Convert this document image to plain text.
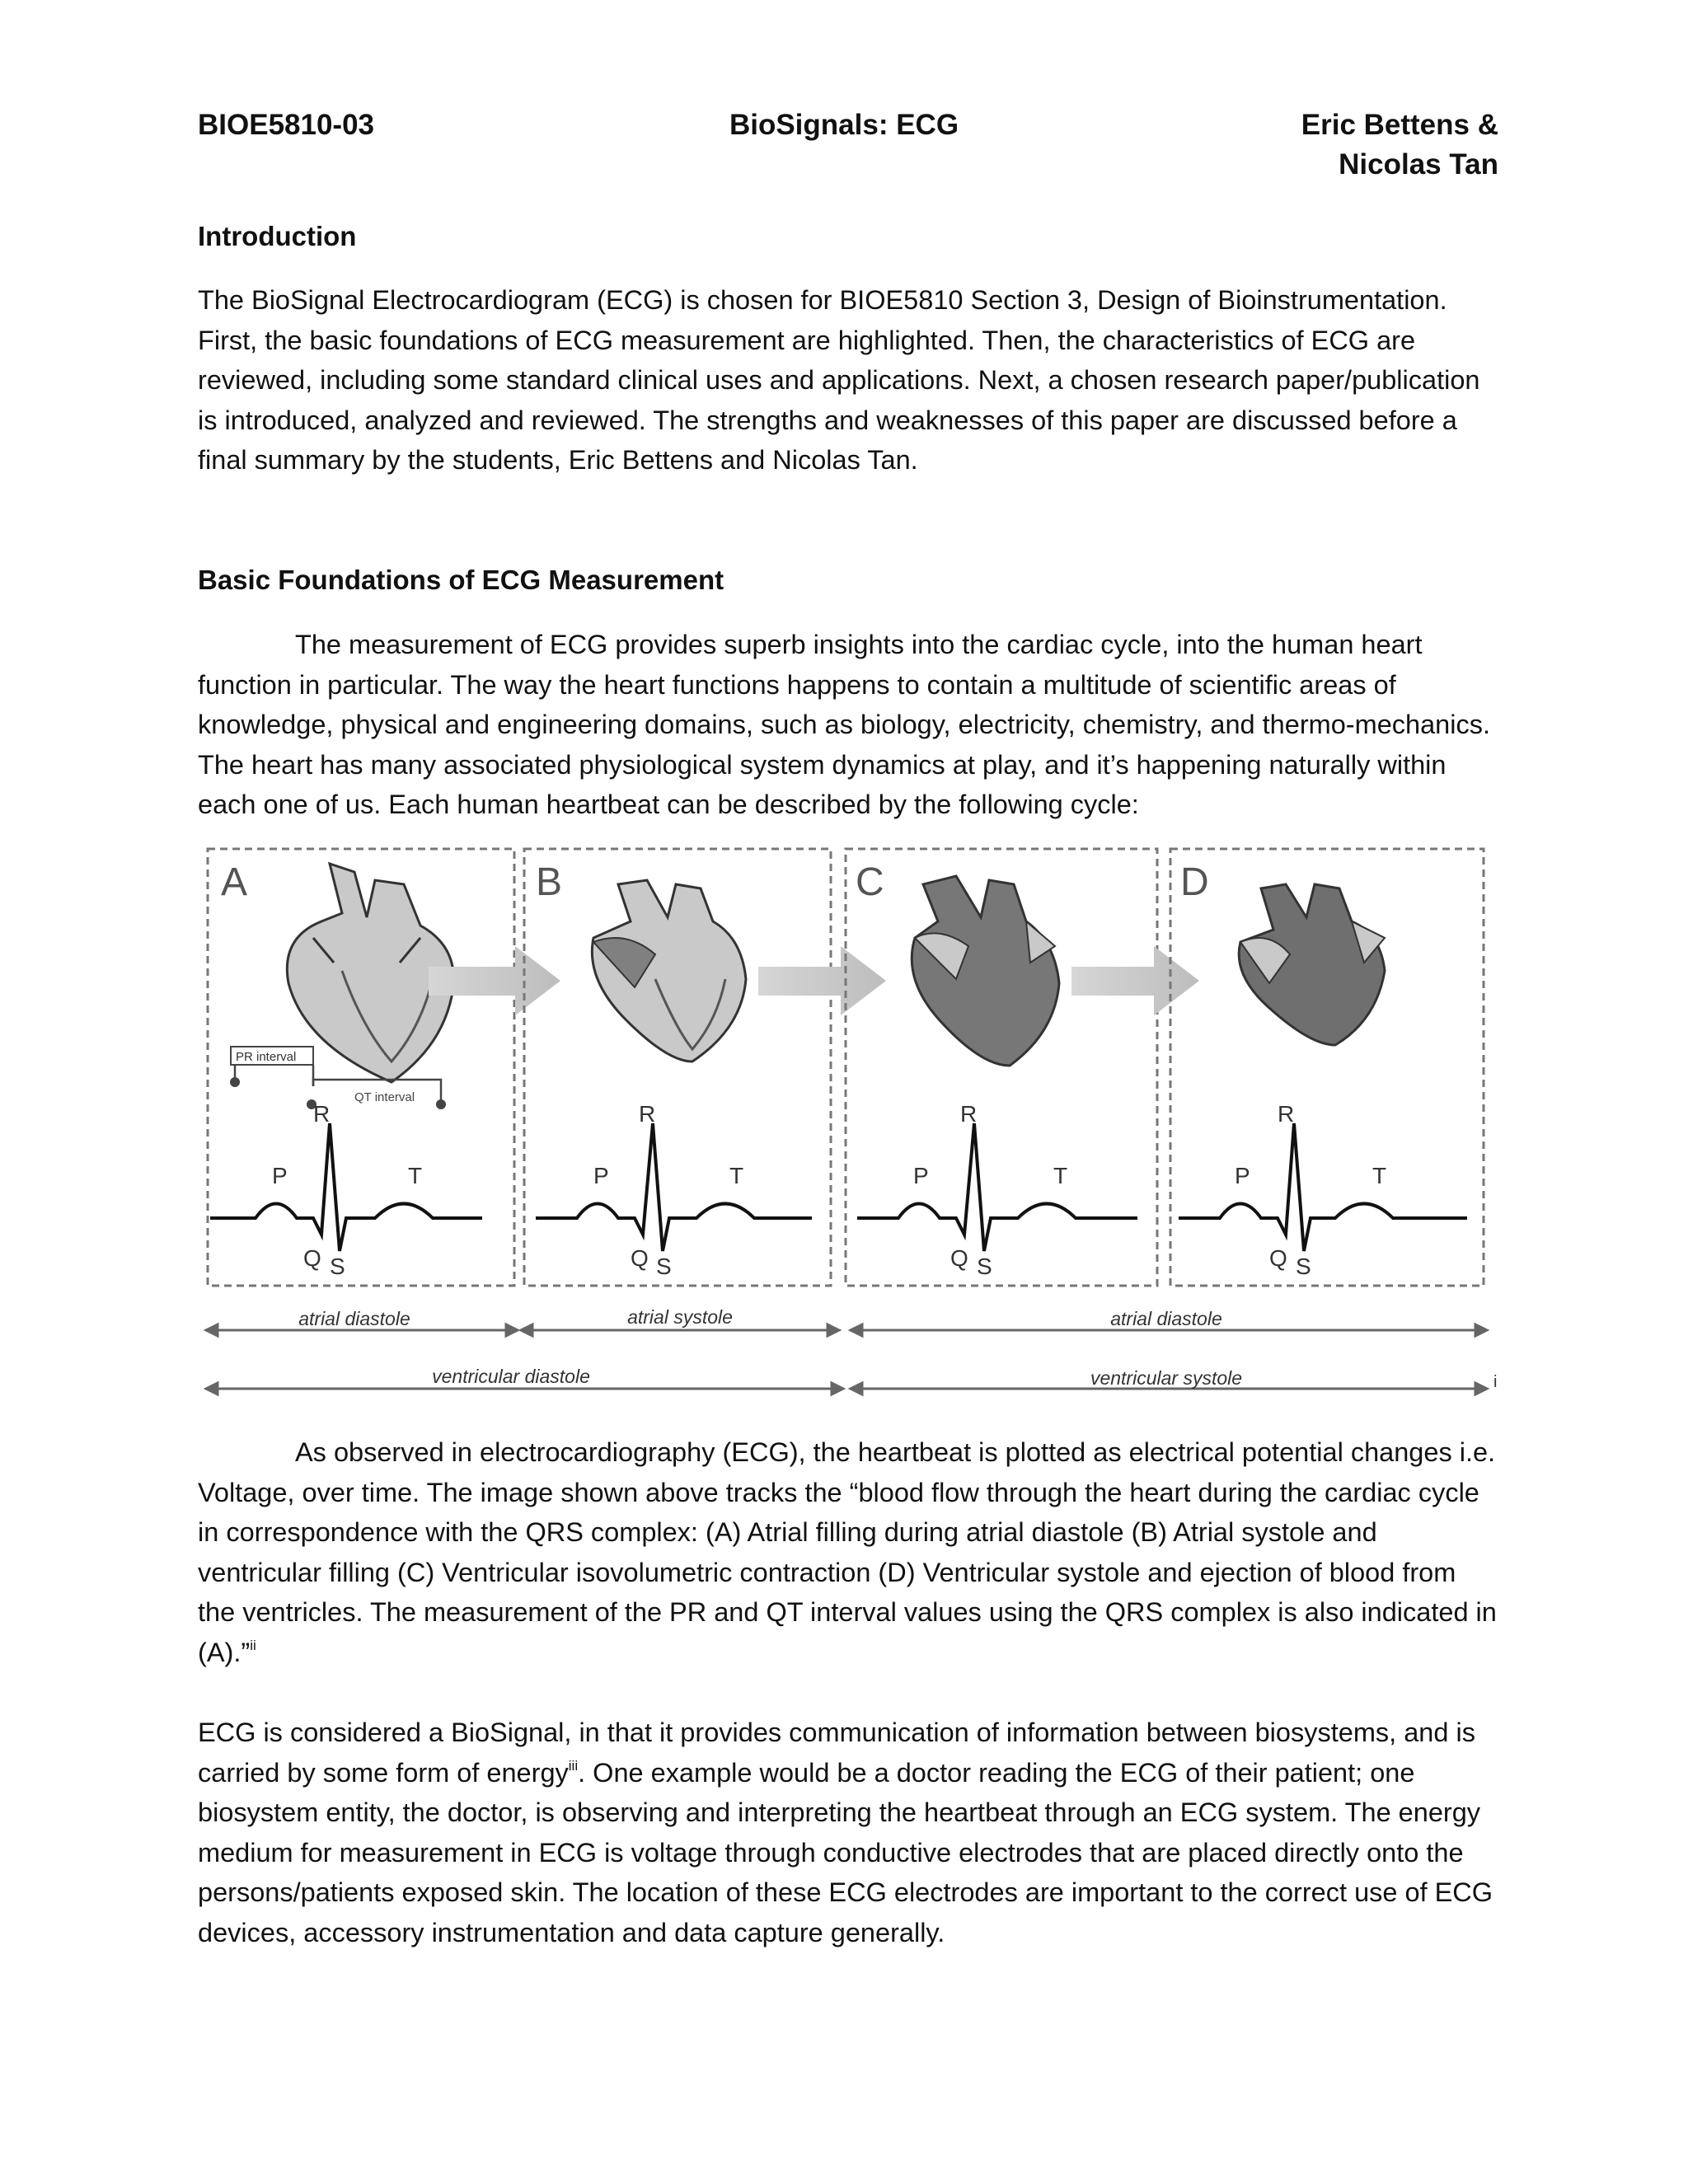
BIOE5810-03	BioSignals: ECG	Eric Bettens &
Nicolas Tan
Introduction

The BioSignal Electrocardiogram (ECG) is chosen for BIOE5810 Section 3, Design of Bioinstrumentation. First, the basic foundations of ECG measurement are highlighted. Then, the characteristics of ECG are reviewed, including some standard clinical uses and applications. Next, a chosen research paper/publication is introduced, analyzed and reviewed. The strengths and weaknesses of this paper are discussed before a final summary by the students, Eric Bettens and Nicolas Tan.

Basic Foundations of ECG Measurement

The measurement of ECG provides superb insights into the cardiac cycle, into the human heart function in particular. The way the heart functions happens to contain a multitude of scientific areas of knowledge, physical and engineering domains, such as biology, electricity, chemistry, and thermo-mechanics. The heart has many associated physiological system dynamics at play, and it’s happening naturally within each one of us. Each human heartbeat can be described by the following cycle:

A
PR interval
QT interval
R
P	T
Q S
B
R
P	T
Q S
C
R
P	T
Q S
D
R
P	T
Q S
atrial diastole	atrial systole	atrial diastole
ventricular diastole	ventricular systole	i

As observed in electrocardiography (ECG), the heartbeat is plotted as electrical potential changes i.e. Voltage, over time. The image shown above tracks the “blood flow through the heart during the cardiac cycle in correspondence with the QRS complex: (A) Atrial filling during atrial diastole (B) Atrial systole and ventricular filling (C) Ventricular isovolumetric contraction (D) Ventricular systole and ejection of blood from the ventricles. The measurement of the PR and QT interval values using the QRS complex is also indicated in (A).”$^{ii}$

ECG is considered a BioSignal, in that it provides communication of information between biosystems, and is carried by some form of energy$^{iii}$. One example would be a doctor reading the ECG of their patient; one biosystem entity, the doctor, is observing and interpreting the heartbeat through an ECG system. The energy medium for measurement in ECG is voltage through conductive electrodes that are placed directly onto the persons/patients exposed skin. The location of these ECG electrodes are important to the correct use of ECG devices, accessory instrumentation and data capture generally.
